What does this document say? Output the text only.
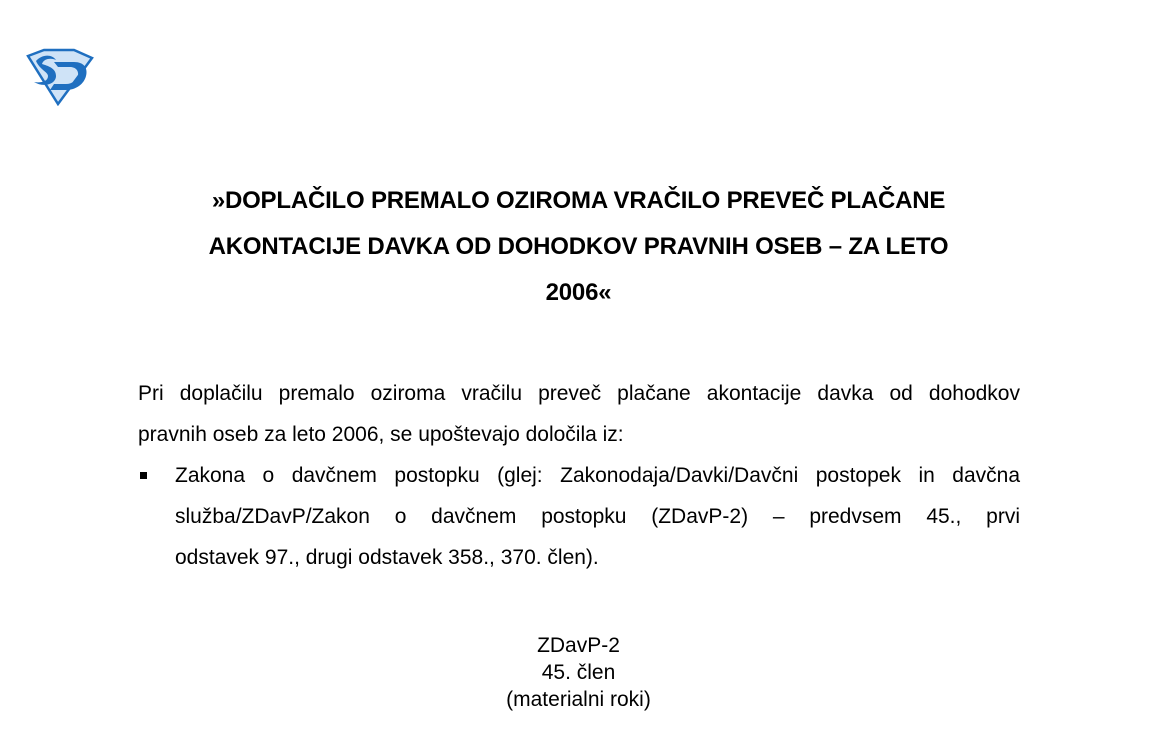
»DOPLAČILO PREMALO OZIROMA VRAČILO PREVEČ PLAČANE
AKONTACIJE DAVKA OD DOHODKOV PRAVNIH OSEB – ZA LETO
2006«

Pri doplačilu premalo oziroma vračilu preveč plačane akontacije davka od dohodkov
pravnih oseb za leto 2006, se upoštevajo določila iz:

Zakona o davčnem postopku (glej: Zakonodaja/Davki/Davčni postopek in davčna
služba/ZDavP/Zakon o davčnem postopku (ZDavP-2) – predvsem 45., prvi
odstavek 97., drugi odstavek 358., 370. člen).
ZDavP-2
45. člen
(materialni roki)
